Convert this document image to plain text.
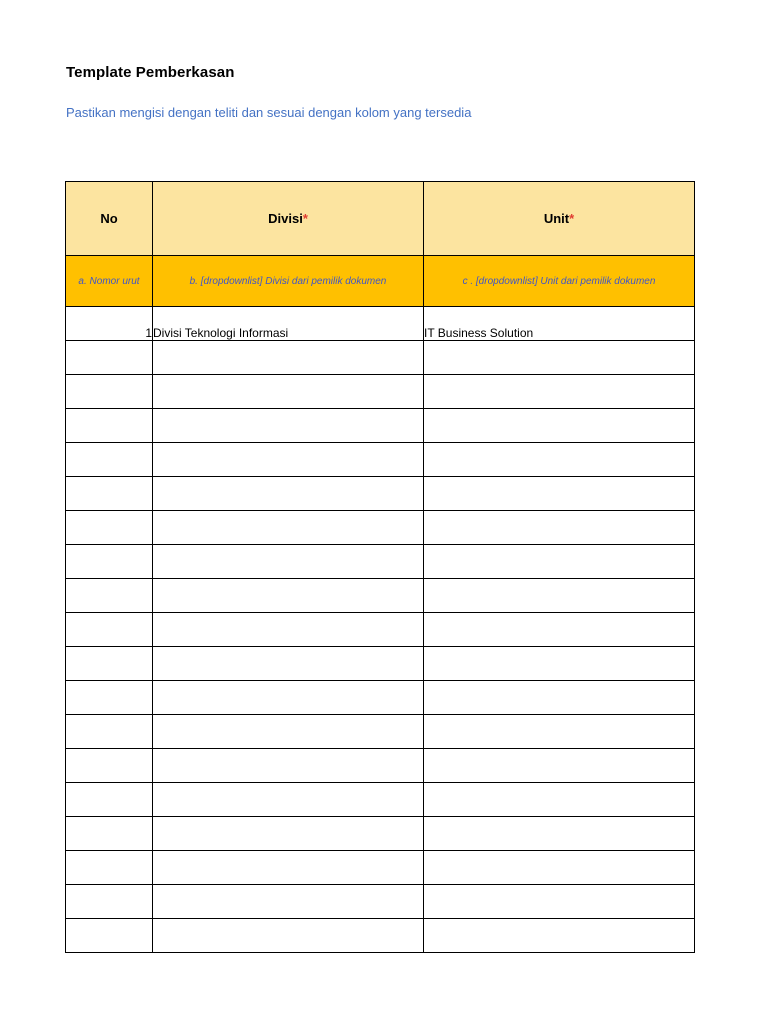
Template Pemberkasan
Pastikan mengisi dengan teliti dan sesuai dengan kolom yang tersedia
No	Divisi*	Unit*
a. Nomor urut	b. [dropdownlist] Divisi dari pemilik dokumen	c . [dropdownlist] Unit dari pemilik dokumen
1	Divisi Teknologi Informasi	IT Business Solution
